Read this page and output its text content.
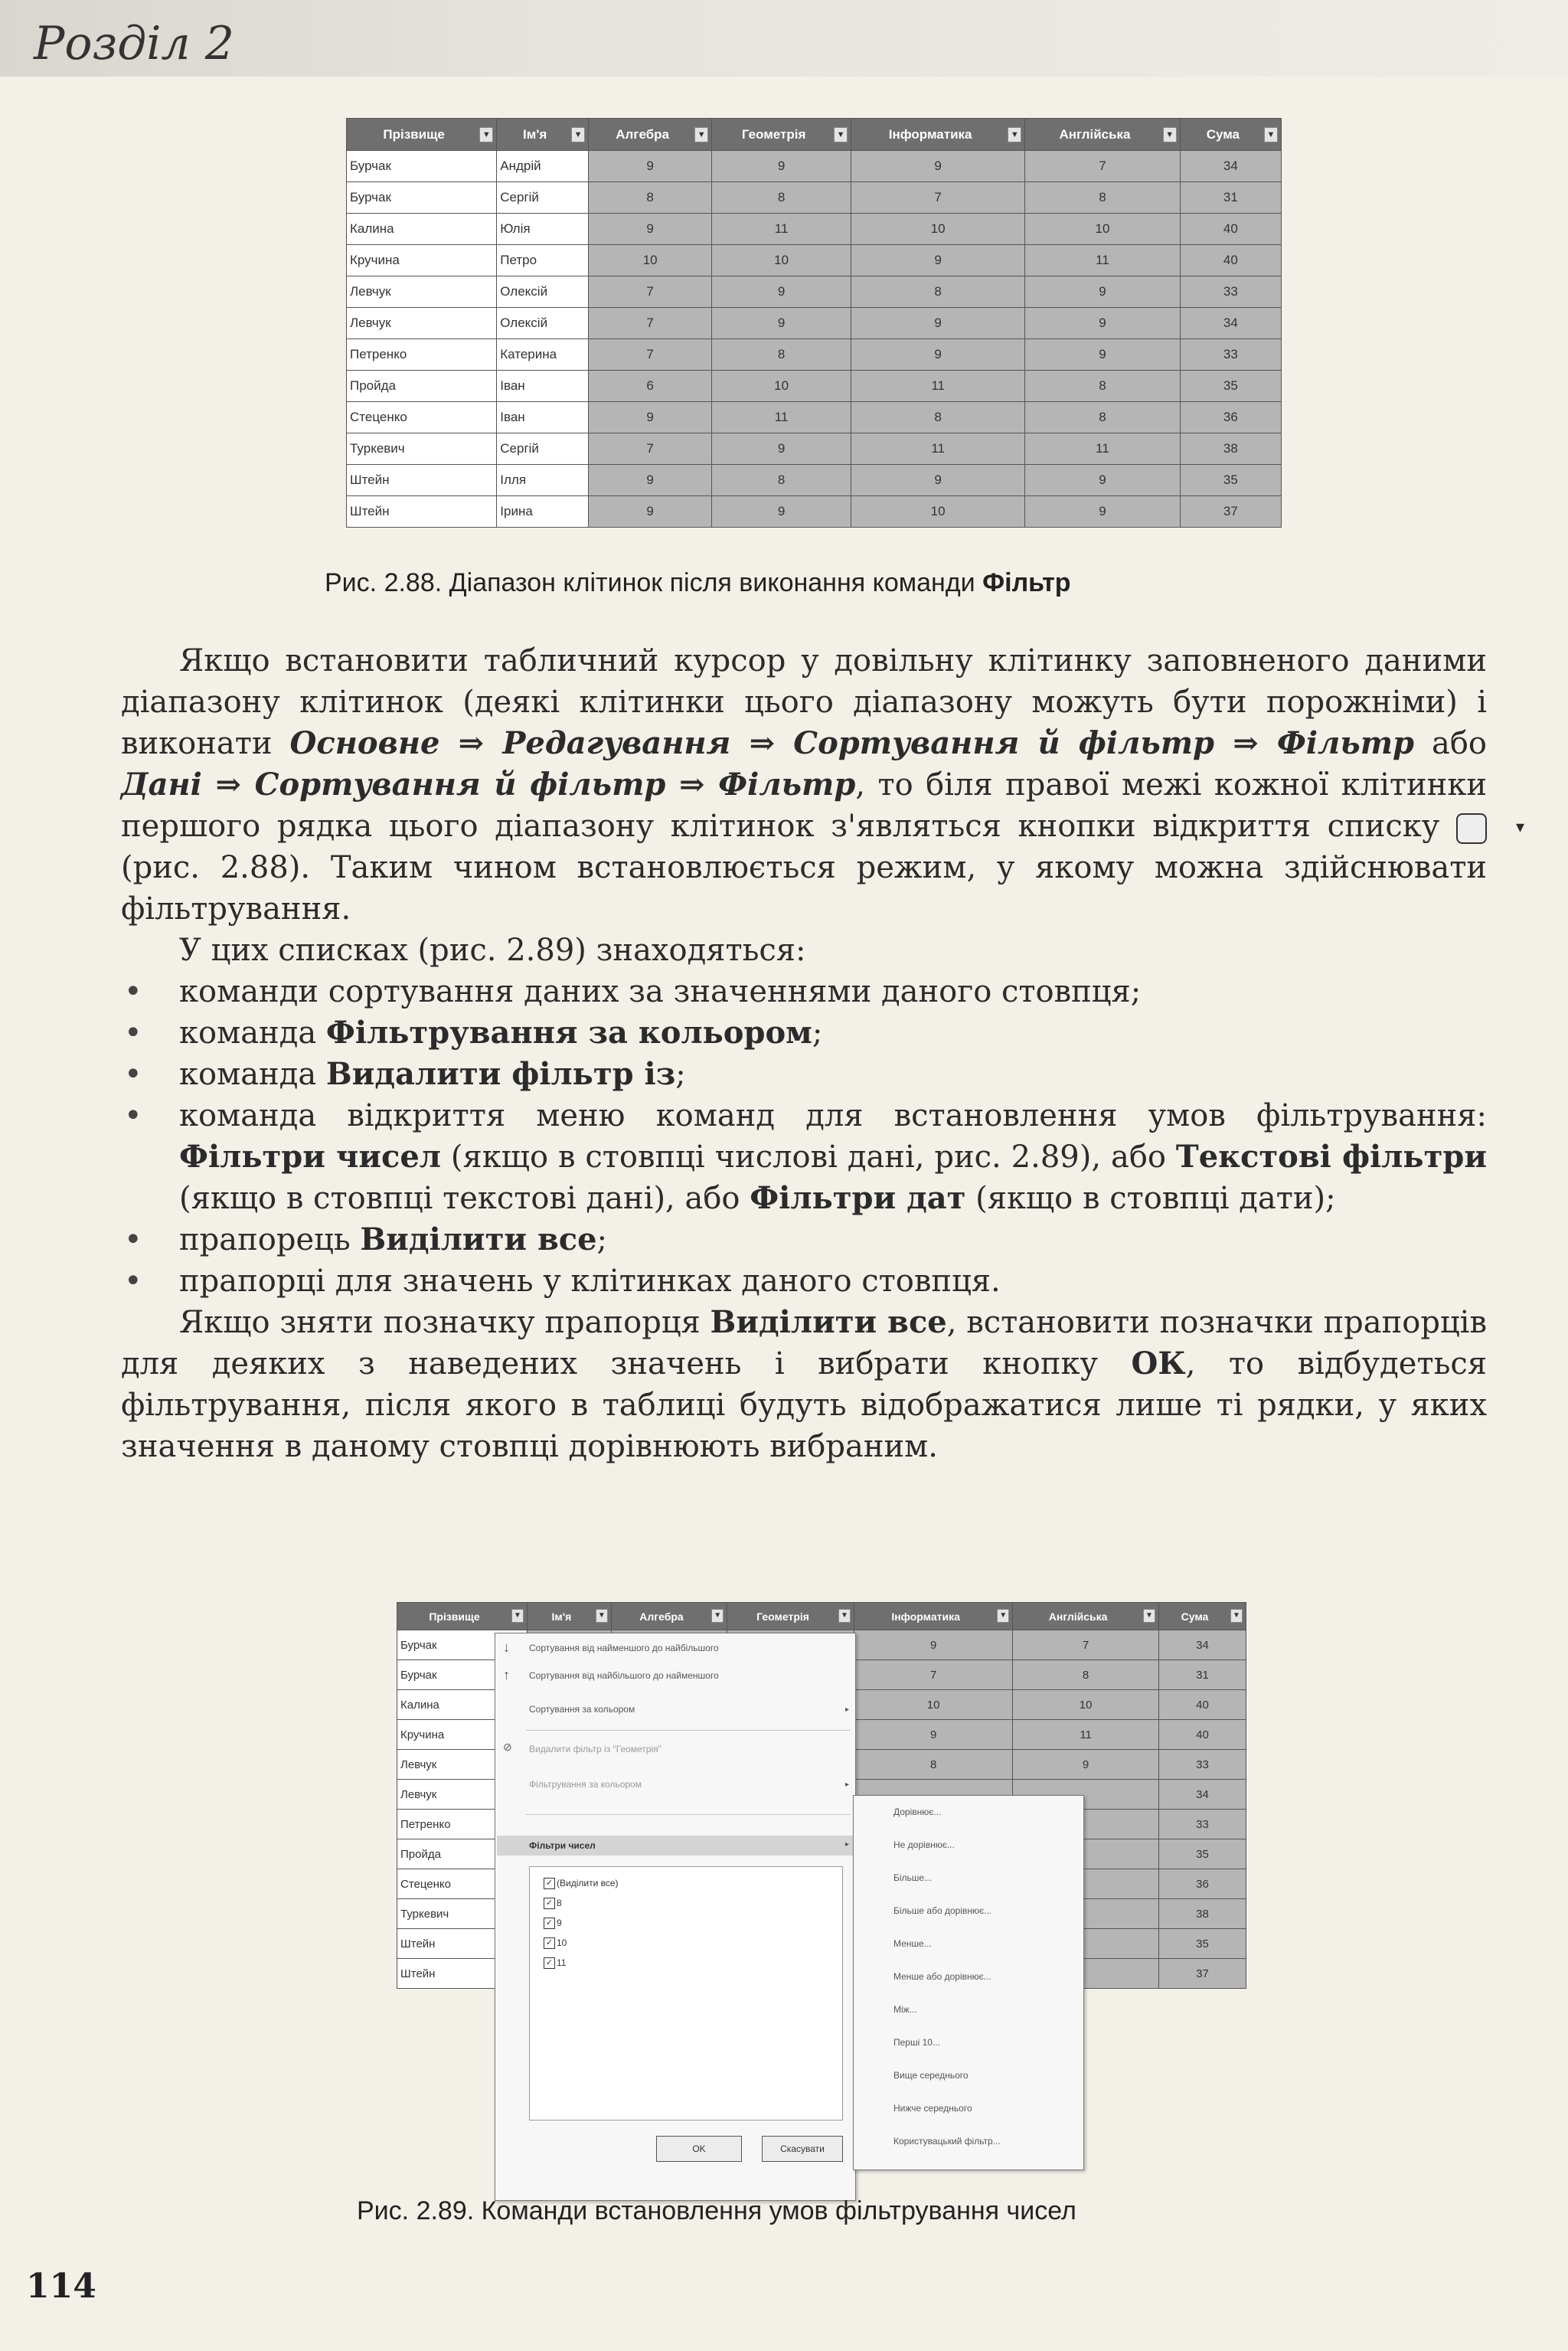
Розділ 2
Прізвище ▼	Ім'я ▼	Алгебра ▼	Геометрія ▼	Інформатика ▼	Англійська ▼	Сума ▼

Бурчак	Андрій	9	9	9	7	34
Бурчак	Сергій	8	8	7	8	31
Калина	Юлія	9	11	10	10	40
Кручина	Петро	10	10	9	11	40
Левчук	Олексій	7	9	8	9	33
Левчук	Олексій	7	9	9	9	34
Петренко	Катерина	7	8	9	9	33
Пройда	Іван	6	10	11	8	35
Стеценко	Іван	9	11	8	8	36
Туркевич	Сергій	7	9	11	11	38
Штейн	Ілля	9	8	9	9	35
Штейн	Ірина	9	9	10	9	37
Рис. 2.88. Діапазон клітинок після виконання команди Фільтр

Якщо встановити табличний курсор у довільну клітинку заповненого даними діапазону клітинок (деякі клітинки цього діапазону можуть бути порожніми) і виконати Основне ⇒ Редагування ⇒ Сортування й фільтр ⇒ Фільтр або Дані ⇒ Сортування й фільтр ⇒ Фільтр, то біля правої межі кожної клітинки першого рядка цього діапазону клітинок з'являться кнопки відкриття списку	▾ (рис. 2.88). Таким чином встановлюється режим, у якому можна здійснювати фільтрування.

У цих списках (рис. 2.89) знаходяться:

• команди сортування даних за значеннями даного стовпця;
• команда Фільтрування за кольором;
• команда Видалити фільтр із;
• команда відкриття меню команд для встановлення умов фільтрування: Фільтри чисел (якщо в стовпці числові дані, рис. 2.89), або Текстові фільтри (якщо в стовпці текстові дані), або Фільтри дат (якщо в стовпці дати);
• прапорець Виділити все;
• прапорці для значень у клітинках даного стовпця.

Якщо зняти позначку прапорця Виділити все, встановити позначки прапорців для деяких з наведених значень і вибрати кнопку ОК, то відбудеться фільтрування, після якого в таблиці будуть відображатися лише ті рядки, у яких значення в даному стовпці дорівнюють вибраним.

Прізвище ▼	Ім'я ▼	Алгебра ▼	Геометрія ▼	Інформатика ▼	Англійська ▼	Сума ▼

Бурчак				9	7	34
Бурчак				7	8	31
Калина				10	10	40
Кручина				9	11	40
Левчук				8	9	33
Левчук						34
Петренко						33
Пройда						35
Стеценко						36
Туркевич						38
Штейн						35
Штейн						37
↓ Сортування від найменшого до найбільшого
↑ Сортування від найбільшого до найменшого
Сортування за кольором	▸
⊘ Видалити фільтр із "Геометрія"
Фільтрування за кольором	▸
Фільтри чисел	▸
✓ (Виділити все)
✓ 8
✓ 9
✓ 10
✓ 11
OK	Скасувати
Дорівнює...
Не дорівнює...
Більше...
Більше або дорівнює...
Менше...
Менше або дорівнює...
Між...
Перші 10...
Вище середнього
Нижче середнього
Користувацький фільтр...
Рис. 2.89. Команди встановлення умов фільтрування чисел
114
